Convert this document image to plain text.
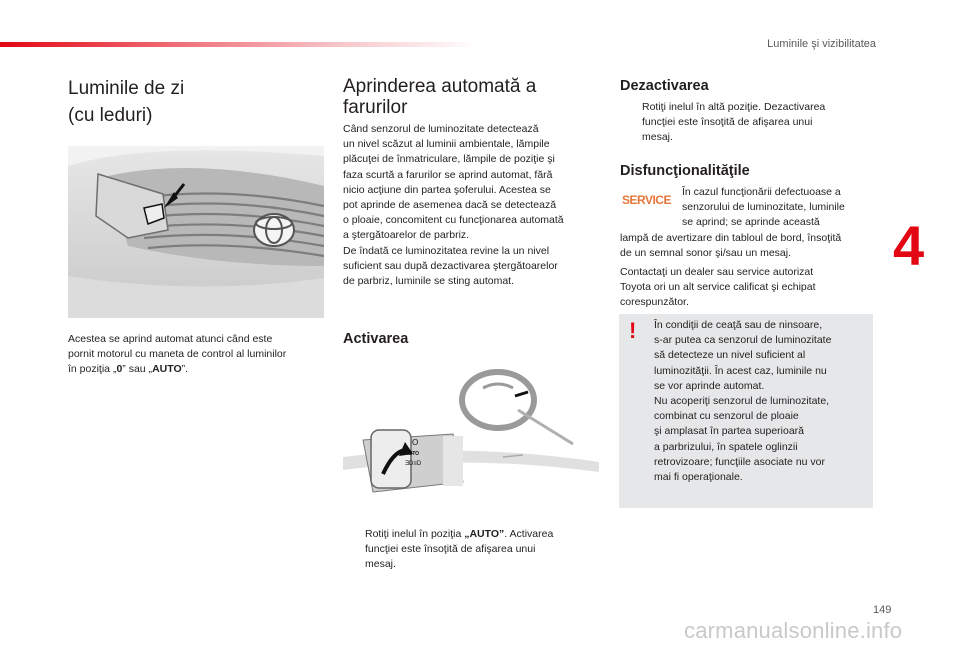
Luminile şi vizibilitatea
4
Luminile de zi
(cu leduri)

Acestea se aprind automat atunci când este
pornit motorul cu maneta de control al luminilor
în poziţia „0” sau „AUTO”.

Aprinderea automată a
farurilor

Când senzorul de luminozitate detectează
un nivel scăzut al luminii ambientale, lămpile
plăcuţei de înmatriculare, lămpile de poziţie şi
faza scurtă a farurilor se aprind automat, fără
nicio acţiune din partea şoferului. Acestea se
pot aprinde de asemenea dacă se detectează
o ploaie, concomitent cu funcţionarea automată
a ştergătoarelor de parbriz.
De îndată ce luminozitatea revine la un nivel
suficient sau după dezactivarea ştergătoarelor
de parbriz, luminile se sting automat.

Activarea
O
AUTO
ƎD≡D
Rotiţi inelul în poziţia „AUTO”. Activarea
funcţiei este însoţită de afişarea unui
mesaj.
Dezactivarea
Rotiţi inelul în altă poziţie. Dezactivarea
funcţiei este însoţită de afişarea unui
mesaj.
Disfuncţionalităţile
SERVICE

În cazul funcţionării defectuoase a
senzorului de luminozitate, luminile
se aprind; se aprinde această
lampă de avertizare din tabloul de bord, însoţită
de un semnal sonor şi/sau un mesaj.

Contactaţi un dealer sau service autorizat
Toyota ori un alt service calificat şi echipat
corespunzător.

! În condiţii de ceaţă sau de ninsoare,
s-ar putea ca senzorul de luminozitate
să detecteze un nivel suficient al
luminozităţii. În acest caz, luminile nu
se vor aprinde automat.
Nu acoperiţi senzorul de luminozitate,
combinat cu senzorul de ploaie
şi amplasat în partea superioară
a parbrizului, în spatele oglinzii
retrovizoare; funcţiile asociate nu vor
mai fi operaţionale.

149
carmanualsonline.info
